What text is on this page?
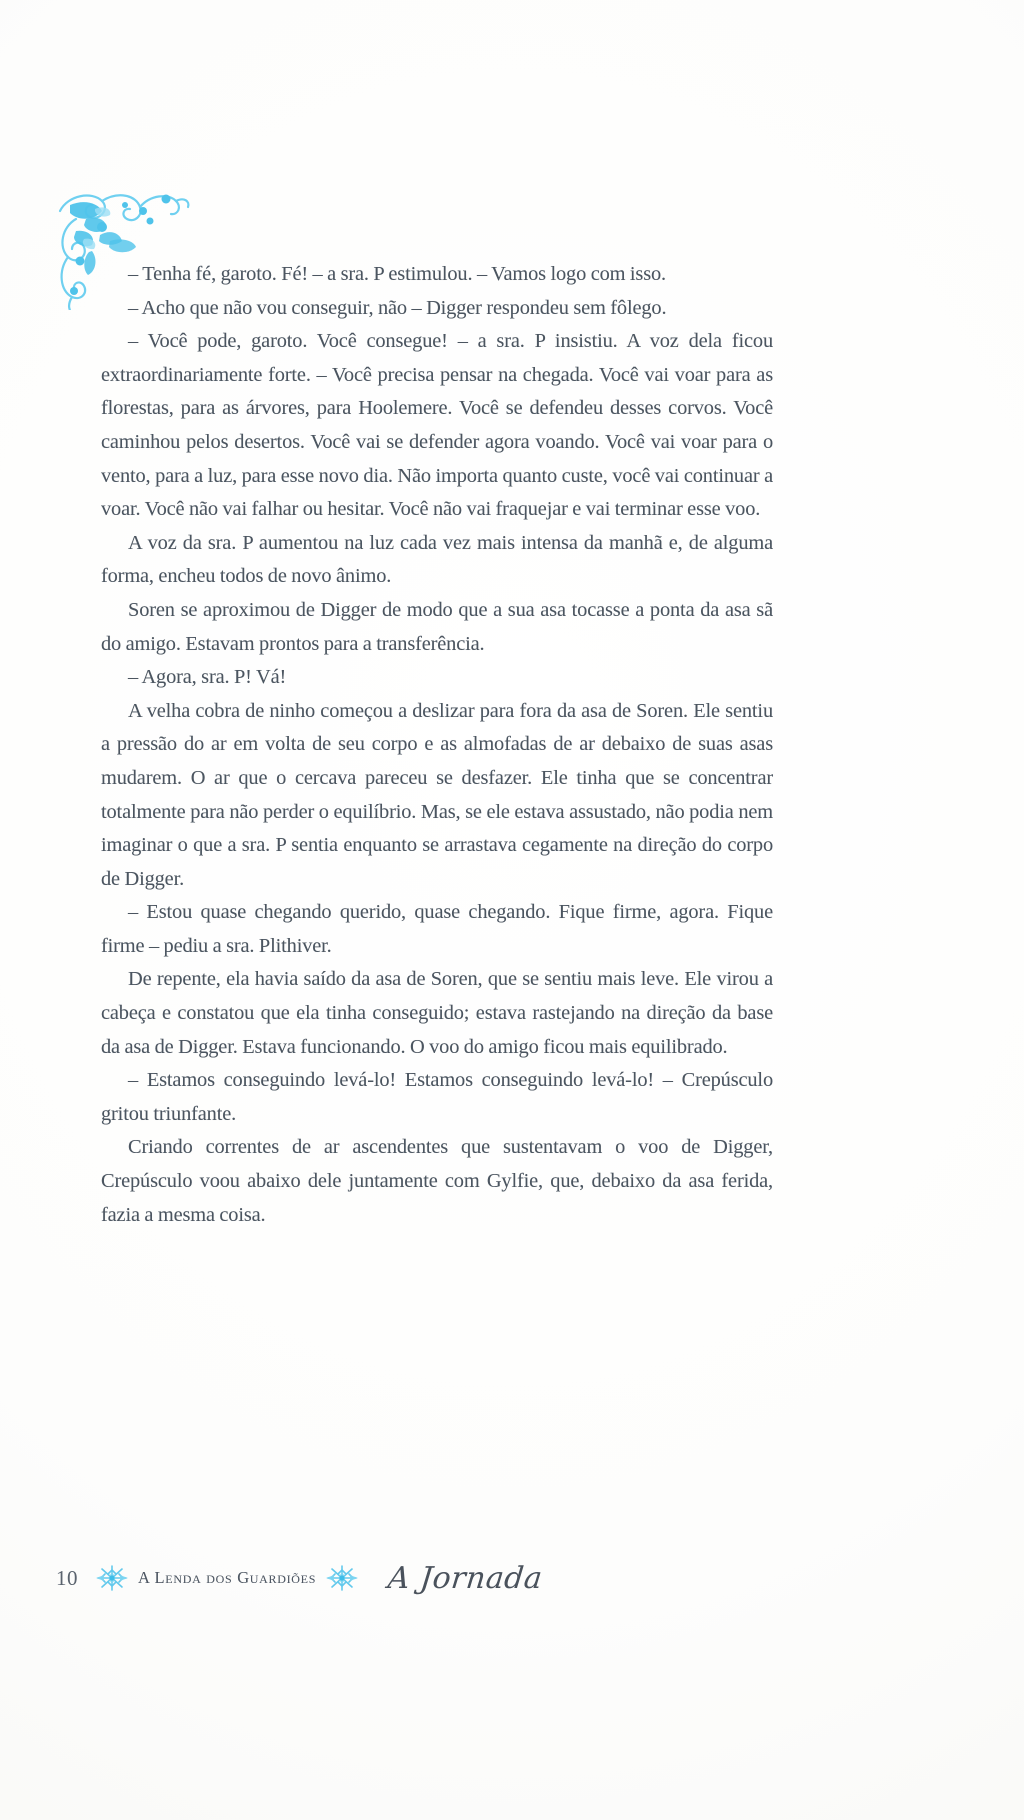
– Tenha fé, garoto. Fé! – a sra. P estimulou. – Vamos logo com isso.

– Acho que não vou conseguir, não – Digger respondeu sem fôlego.

– Você pode, garoto. Você consegue! – a sra. P insistiu. A voz dela ficou extraordinariamente forte. – Você precisa pensar na chegada. Você vai voar para as florestas, para as árvores, para Hoolemere. Você se defendeu desses corvos. Você caminhou pelos desertos. Você vai se defender agora voando. Você vai voar para o vento, para a luz, para esse novo dia. Não importa quanto custe, você vai continuar a voar. Você não vai falhar ou hesitar. Você não vai fraquejar e vai terminar esse voo.

A voz da sra. P aumentou na luz cada vez mais intensa da manhã e, de alguma forma, encheu todos de novo ânimo.

Soren se aproximou de Digger de modo que a sua asa tocasse a ponta da asa sã do amigo. Estavam prontos para a transferência.

– Agora, sra. P! Vá!

A velha cobra de ninho começou a deslizar para fora da asa de Soren. Ele sentiu a pressão do ar em volta de seu corpo e as almofadas de ar debaixo de suas asas mudarem. O ar que o cercava pareceu se desfazer. Ele tinha que se concentrar totalmente para não perder o equilíbrio. Mas, se ele estava assustado, não podia nem imaginar o que a sra. P sentia enquanto se arrastava cegamente na direção do corpo de Digger.

– Estou quase chegando querido, quase chegando. Fique firme, agora. Fique firme – pediu a sra. Plithiver.

De repente, ela havia saído da asa de Soren, que se sentiu mais leve. Ele virou a cabeça e constatou que ela tinha conseguido; estava rastejando na direção da base da asa de Digger. Estava funcionando. O voo do amigo ficou mais equilibrado.

– Estamos conseguindo levá-lo! Estamos conseguindo levá-lo! – Crepúsculo gritou triunfante.

Criando correntes de ar ascendentes que sustentavam o voo de Digger, Crepúsculo voou abaixo dele juntamente com Gylfie, que, debaixo da asa ferida, fazia a mesma coisa.

10	A Lenda dos Guardiões A Jornada
